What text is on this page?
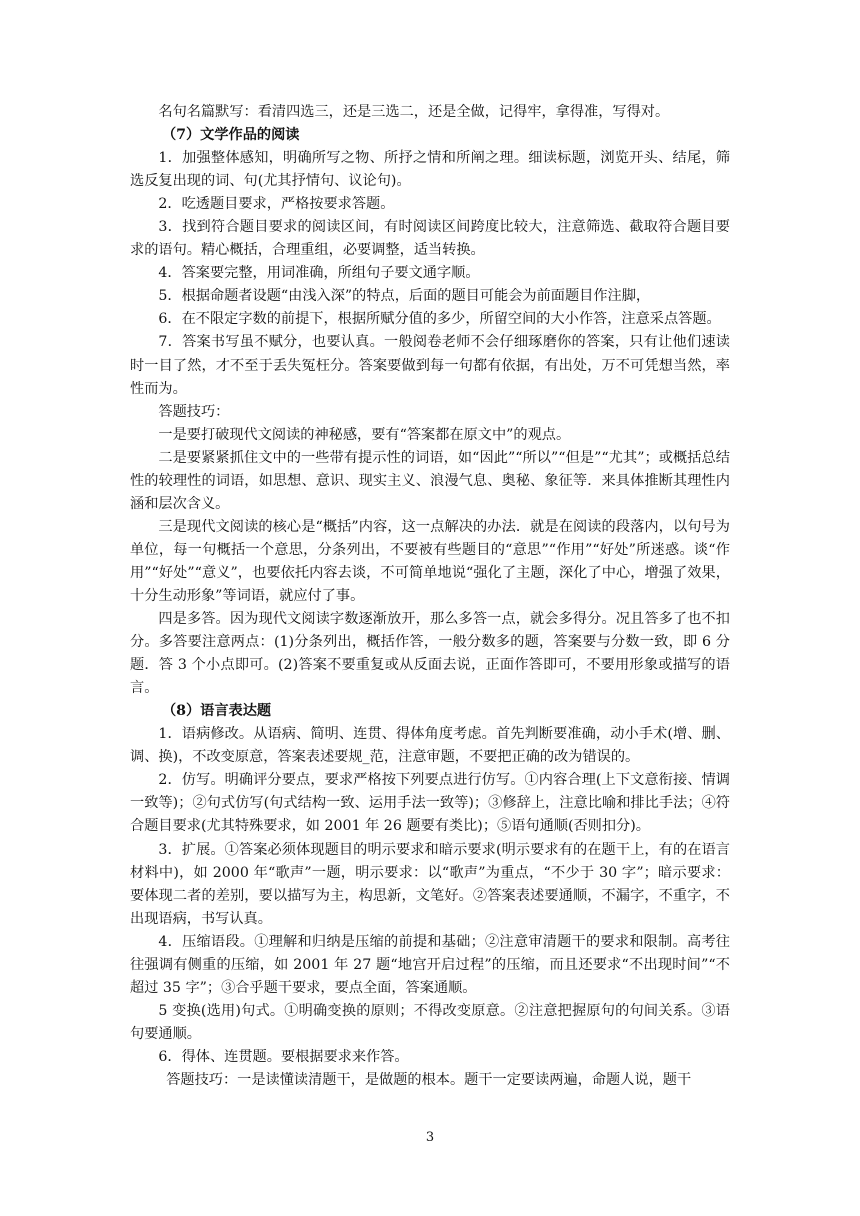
名句名篇默写：看清四选三，还是三选二，还是全做，记得牢，拿得准，写得对。

（7）文学作品的阅读

1．加强整体感知，明确所写之物、所抒之情和所阐之理。细读标题，浏览开头、结尾，筛选反复出现的词、句(尤其抒情句、议论句)。

2．吃透题目要求，严格按要求答题。

3．找到符合题目要求的阅读区间，有时阅读区间跨度比较大，注意筛选、截取符合题目要求的语句。精心概括，合理重组，必要调整，适当转换。

4．答案要完整，用词准确，所组句子要文通字顺。

5．根据命题者设题“由浅入深”的特点，后面的题目可能会为前面题目作注脚，

6．在不限定字数的前提下，根据所赋分值的多少，所留空间的大小作答，注意采点答题。

7．答案书写虽不赋分，也要认真。一般阅卷老师不会仔细琢磨你的答案，只有让他们速读时一目了然，才不至于丢失冤枉分。答案要做到每一句都有依据，有出处，万不可凭想当然，率性而为。

答题技巧：

一是要打破现代文阅读的神秘感，要有“答案都在原文中”的观点。

二是要紧紧抓住文中的一些带有提示性的词语，如“因此”“所以”“但是”“尤其”；或概括总结性的较理性的词语，如思想、意识、现实主义、浪漫气息、奥秘、象征等．来具体推断其理性内涵和层次含义。

三是现代文阅读的核心是“概括”内容，这一点解决的办法．就是在阅读的段落内，以句号为单位，每一句概括一个意思，分条列出，不要被有些题目的“意思”“作用”“好处”所迷惑。谈“作用”“好处”“意义”，也要依托内容去谈，不可简单地说“强化了主题，深化了中心，增强了效果，十分生动形象”等词语，就应付了事。

四是多答。因为现代文阅读字数逐渐放开，那么多答一点，就会多得分。况且答多了也不扣分。多答要注意两点：(1)分条列出，概括作答，一般分数多的题，答案要与分数一致，即 6 分题．答 3 个小点即可。(2)答案不要重复或从反面去说，正面作答即可，不要用形象或描写的语言。

（8）语言表达题

1．语病修改。从语病、简明、连贯、得体角度考虑。首先判断要准确，动小手术(增、删、调、换)，不改变原意，答案表述要规_范，注意审题，不要把正确的改为错误的。

2．仿写。明确评分要点，要求严格按下列要点进行仿写。①内容合理(上下文意衔接、情调一致等)；②句式仿写(句式结构一致、运用手法一致等)；③修辞上，注意比喻和排比手法；④符合题目要求(尤其特殊要求，如 2001 年 26 题要有类比)；⑤语句通顺(否则扣分)。

3．扩展。①答案必须体现题目的明示要求和暗示要求(明示要求有的在题干上，有的在语言材料中)，如 2000 年“歌声”一题，明示要求：以“歌声”为重点，“不少于 30 字”；暗示要求：要体现二者的差别，要以描写为主，构思新，文笔好。②答案表述要通顺，不漏字，不重字，不出现语病，书写认真。

4．压缩语段。①理解和归纳是压缩的前提和基础；②注意审清题干的要求和限制。高考往往强调有侧重的压缩，如 2001 年 27 题“地宫开启过程”的压缩，而且还要求“不出现时间”“不超过 35 字”；③合乎题干要求，要点全面，答案通顺。

5 变换(选用)句式。①明确变换的原则；不得改变原意。②注意把握原句的句间关系。③语句要通顺。

6．得体、连贯题。要根据要求来作答。

答题技巧：一是读懂读清题干，是做题的根本。题干一定要读两遍，命题人说，题干

3
